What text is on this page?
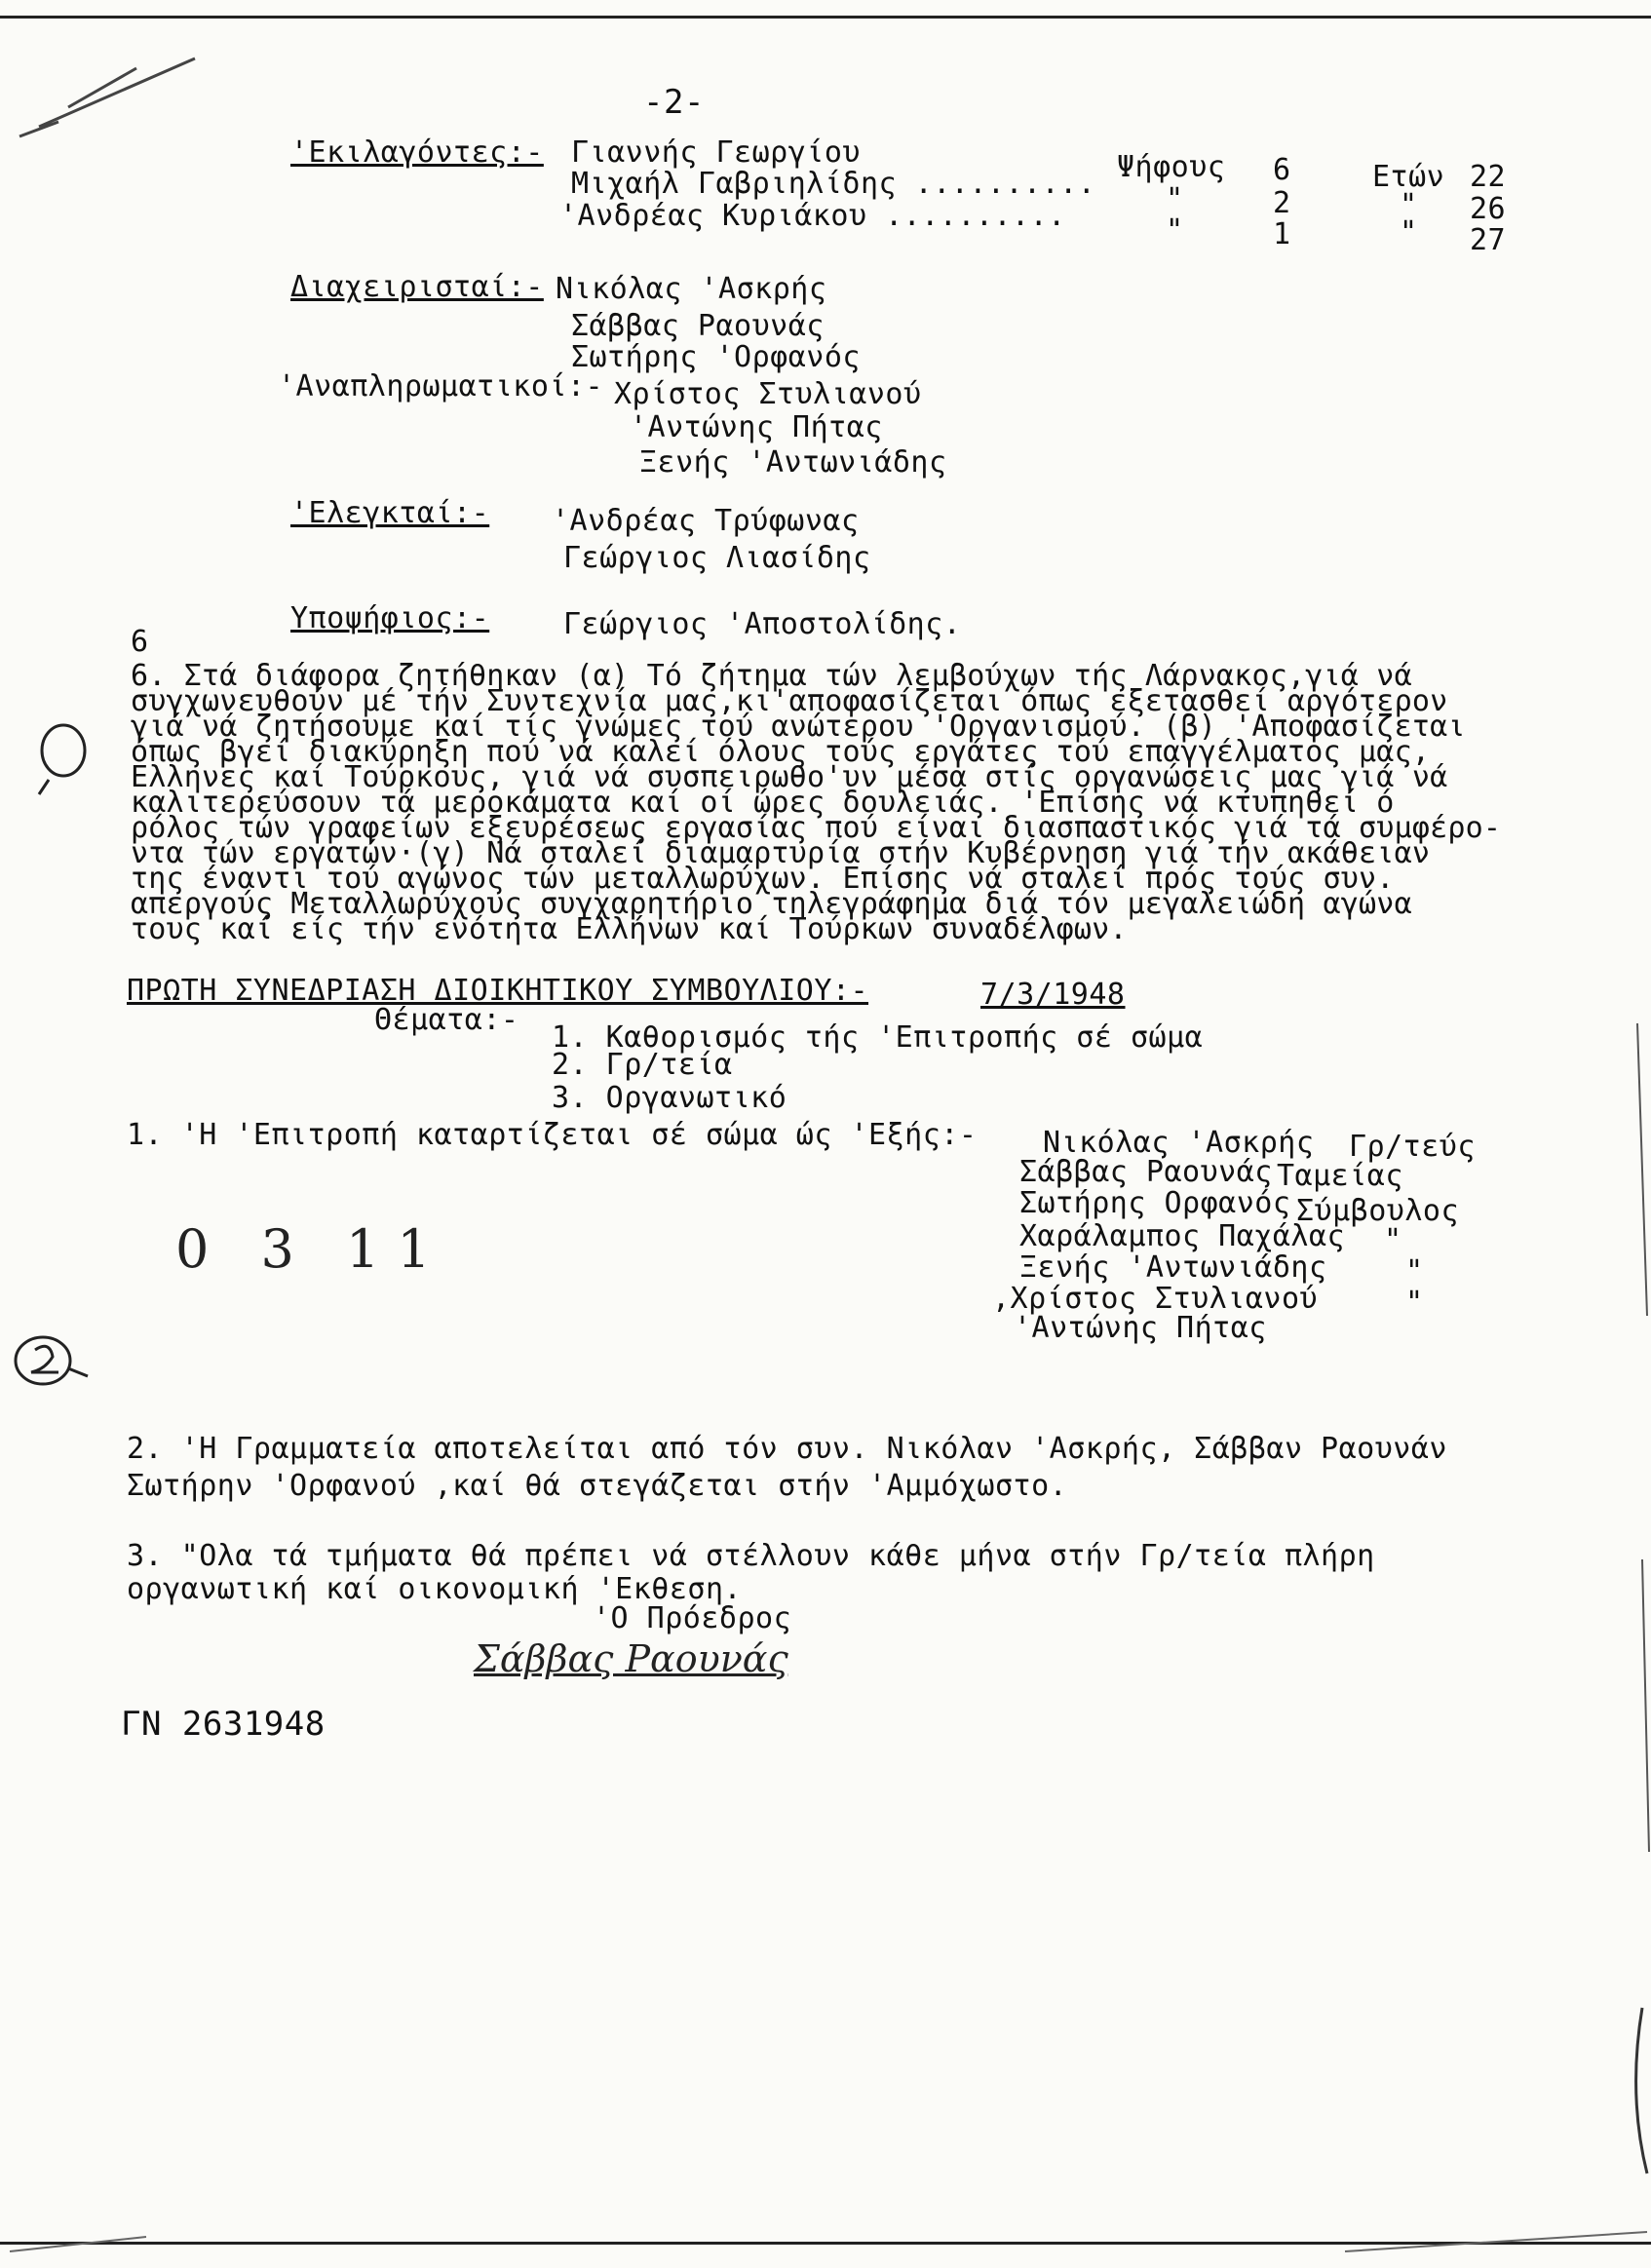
-2-
'Εκιλαγόντες:- Γιαννής Γεωργίου	Ψήφους 6	Ετών 22
Μιχαήλ Γαβριηλίδης .......... "	2	" 26
'Ανδρέας Κυριάκου ..........	"	1	" 27
Διαχειρισταί:- Νικόλας 'Ασκρής
Σάββας Ραουνάς
Σωτήρης 'Ορφανός
'Αναπληρωματικοί:- Χρίστος Στυλιανού
'Αντώνης Πήτας
Ξενής 'Αντωνιάδης
'Ελεγκταί:- 'Ανδρέας Τρύφωνας
Γεώργιος Λιασίδης
Υποψήφιος:-	Γεώργιος 'Αποστολίδης.
6
6. Στά διάφορα ζητήθηκαν (α) Τό ζήτημα τών λεμβούχων τής Λάρνακος,γιά νά
συγχωνευθούν μέ τήν Συντεχνία μας,κι'αποφασίζεται όπως εξετασθεί αργότερον
γιά νά ζητήσουμε καί τίς γνώμες τού ανώτερου 'Οργανισμού. (β) 'Αποφασίζεται
όπως βγεί διακύρηξη πού νά καλεί όλους τούς εργάτες τού επαγγέλματος μας,
Ελληνες καί Τούρκους, γιά νά συσπειρωθο'υν μέσα στίς οργανώσεις μας γιά νά
καλιτερεύσουν τά μεροκάματα καί οί ώρες δουλειάς. 'Επίσης νά κτυπηθεί ό
ρόλος τών γραφείων εξευρέσεως εργασίας πού είναι διασπαστικός γιά τά συμφέρο-
ντα τών εργατών·(γ) Νά σταλεί διαμαρτυρία στήν Κυβέρνηση γιά τήν ακάθειαν
της έναντι τού αγώνος τών μεταλλωρύχων. Επίσης νά σταλεί πρός τούς συν.
απεργούς Μεταλλωρύχους συγχαρητήριο τηλεγράφημα διά τόν μεγαλειώδη αγώνα
τους καί είς τήν ενότητα Ελλήνων καί Τούρκων συναδέλφων.
ΠΡΩΤΗ ΣΥΝΕΔΡΙΑΣΗ ΔΙΟΙΚΗΤΙΚΟΥ ΣΥΜΒΟΥΛΙΟΥ:-	7/3/1948
Θέματα:-
1. Καθορισμός τής 'Επιτροπής σέ σώμα
2. Γρ/τεία
3. Οργανωτικό
1. 'Η 'Επιτροπή καταρτίζεται σέ σώμα ώς 'Εξής:- Νικόλας 'Ασκρής Γρ/τεύς
Σάββας Ραουνάς Ταμείας
Σωτήρης Ορφανός Σύμβουλος
Χαράλαμπος Παχάλας "
Ξενής 'Αντωνιάδης	"
,Χρίστος Στυλιανού	"
'Αντώνης Πήτας
0 3 11
2. 'Η Γραμματεία αποτελείται από τόν συν. Νικόλαν 'Ασκρής, Σάββαν Ραουνάν
Σωτήρην 'Ορφανού ,καί θά στεγάζεται στήν 'Αμμόχωστο.
3. "Ολα τά τμήματα θά πρέπει νά στέλλουν κάθε μήνα στήν Γρ/τεία πλήρη
οργανωτική καί οικονομική 'Εκθεση.
'Ο Πρόεδρος
Σάββας Ραουνάς
ΓΝ 2631948
